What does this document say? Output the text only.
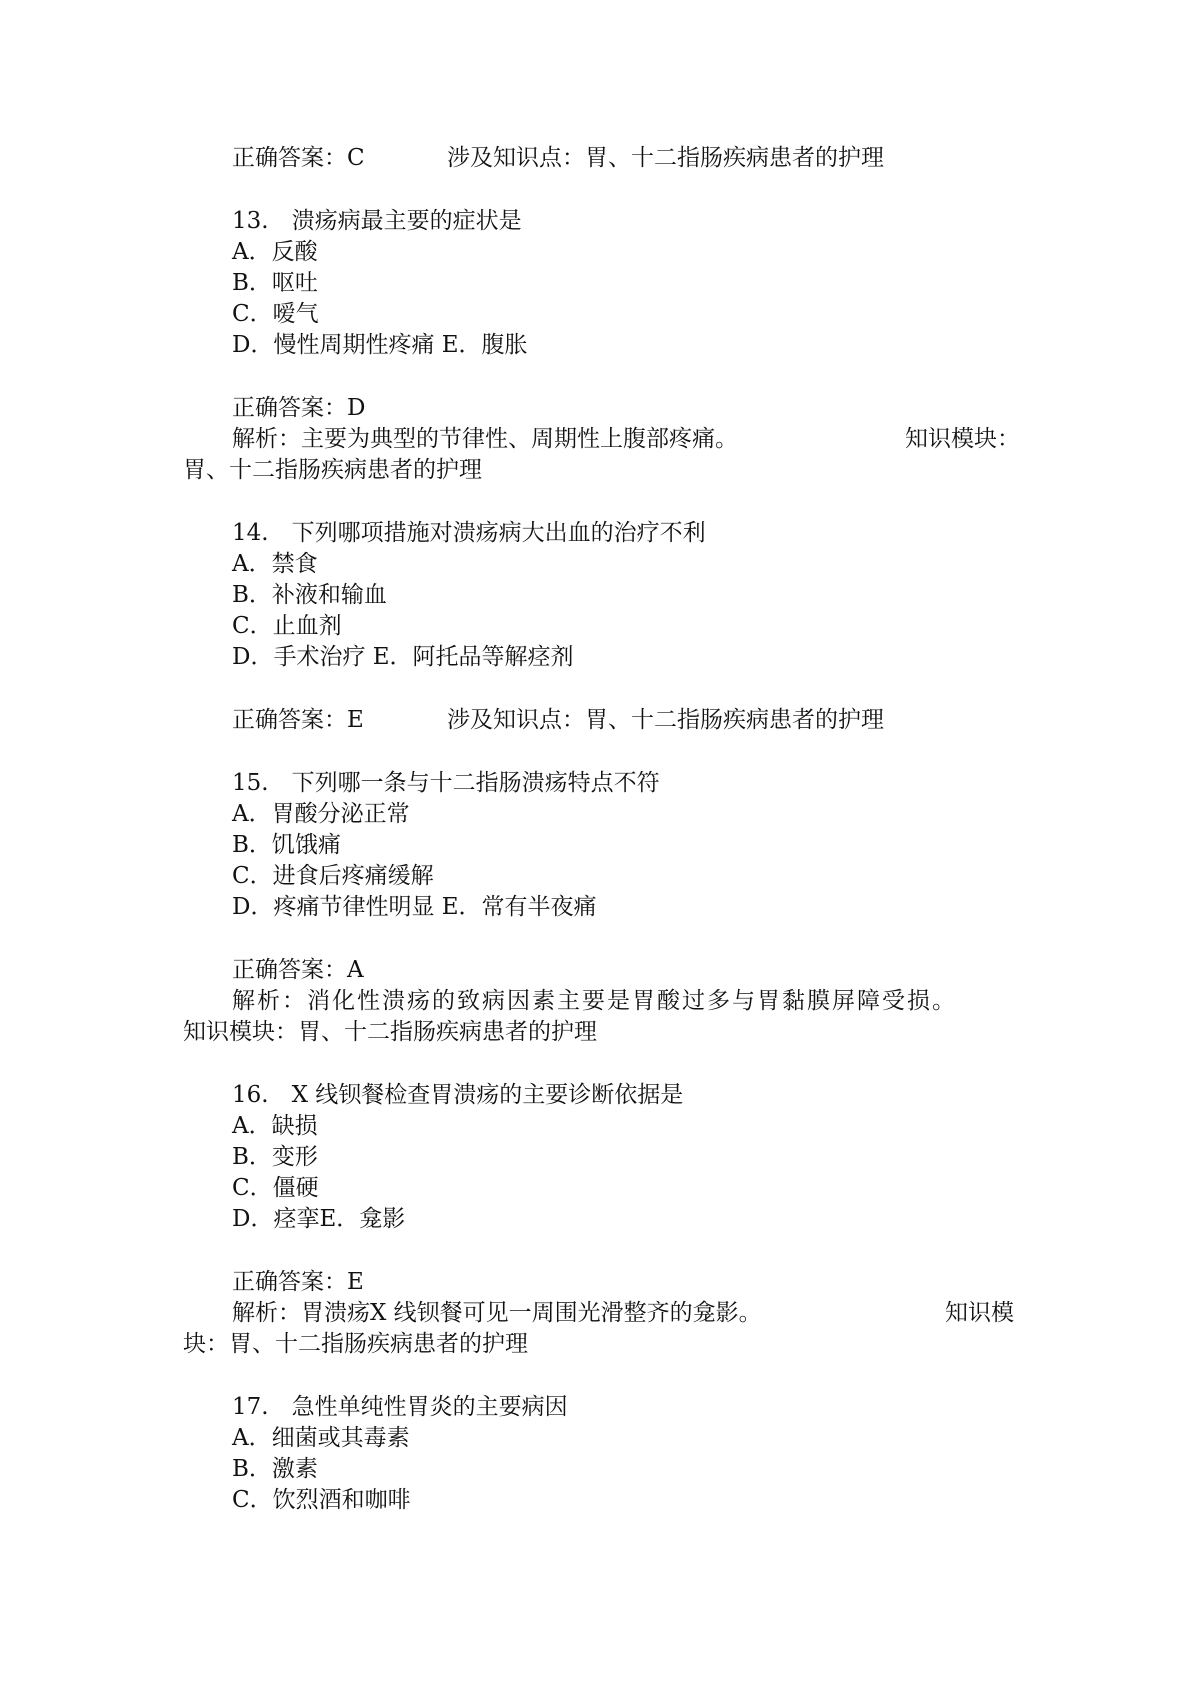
正确答案：C	涉及知识点：胃、十二指肠疾病患者的护理
13.　溃疡病最主要的症状是
A．反酸
B．呕吐
C．嗳气
D．慢性周期性疼痛 E．腹胀
正确答案：D
解析：主要为典型的节律性、周期性上腹部疼痛。	知识模块：
胃、十二指肠疾病患者的护理
14.　下列哪项措施对溃疡病大出血的治疗不利
A．禁食
B．补液和输血
C．止血剂
D．手术治疗 E．阿托品等解痉剂
正确答案：E	涉及知识点：胃、十二指肠疾病患者的护理
15.　下列哪一条与十二指肠溃疡特点不符
A．胃酸分泌正常
B．饥饿痛
C．进食后疼痛缓解
D．疼痛节律性明显 E．常有半夜痛
正确答案：A
解析：消化性溃疡的致病因素主要是胃酸过多与胃黏膜屏障受损。
知识模块：胃、十二指肠疾病患者的护理
16.　X 线钡餐检查胃溃疡的主要诊断依据是
A．缺损
B．变形
C．僵硬
D．痉挛E．龛影
正确答案：E
解析：胃溃疡X 线钡餐可见一周围光滑整齐的龛影。	知识模
块：胃、十二指肠疾病患者的护理
17.　急性单纯性胃炎的主要病因
A．细菌或其毒素
B．激素
C．饮烈酒和咖啡
